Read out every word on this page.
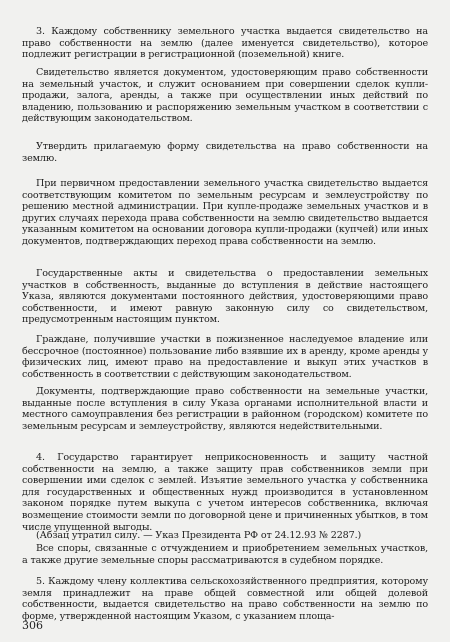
3. Каждому собственнику земельного участка выдается свидетельство на право собственности на землю (далее именуется свидетельство), которое подлежит регистрации в регистрационной (поземельной) книге.

Свидетельство является документом, удостоверяющим право собственности на земельный участок, и служит основанием при совершении сделок купли-продажи, залога, аренды, а также при осуществлении иных действий по владению, пользованию и распоряжению земельным участком в соответствии с действующим законодательством.

Утвердить прилагаемую форму свидетельства на право собственности на землю.

При первичном предоставлении земельного участка свидетельство выдается соответствующим комитетом по земельным ресурсам и землеустройству по решению местной администрации. При купле-продаже земельных участков и в других случаях перехода права собственности на землю свидетельство выдается указанным комитетом на основании договора купли-продажи (купчей) или иных документов, подтверждающих переход права собственности на землю.

Государственные акты и свидетельства о предоставлении земельных участков в собственность, выданные до вступления в действие настоящего Указа, являются документами постоянного действия, удостоверяющими право собственности, и имеют равную законную силу со свидетельством, предусмотренным настоящим пунктом.

Граждане, получившие участки в пожизненное наследуемое владение или бессрочное (постоянное) пользование либо взявшие их в аренду, кроме аренды у физических лиц, имеют право на предоставление и выкуп этих участков в собственность в соответствии с действующим законодательством.

Документы, подтверждающие право собственности на земельные участки, выданные после вступления в силу Указа органами исполнительной власти и местного самоуправления без регистрации в районном (городском) комитете по земельным ресурсам и землеустройству, являются недействительными.

4. Государство гарантирует неприкосновенность и защиту частной собственности на землю, а также защиту прав собственников земли при совершении ими сделок с землей. Изъятие земельного участка у собственника для государственных и общественных нужд производится в установленном законом порядке путем выкупа с учетом интересов собственника, включая возмещение стоимости земли по договорной цене и причиненных убытков, в том числе упущенной выгоды.

(Абзац утратил силу. — Указ Президента РФ от 24.12.93 № 2287.)

Все споры, связанные с отчуждением и приобретением земельных участков, а также другие земельные споры рассматриваются в судебном порядке.

5. Каждому члену коллектива сельскохозяйственного предприятия, которому земля принадлежит на праве общей совместной или общей долевой собственности, выдается свидетельство на право собственности на землю по форме, утвержденной настоящим Указом, с указанием площа-

306
